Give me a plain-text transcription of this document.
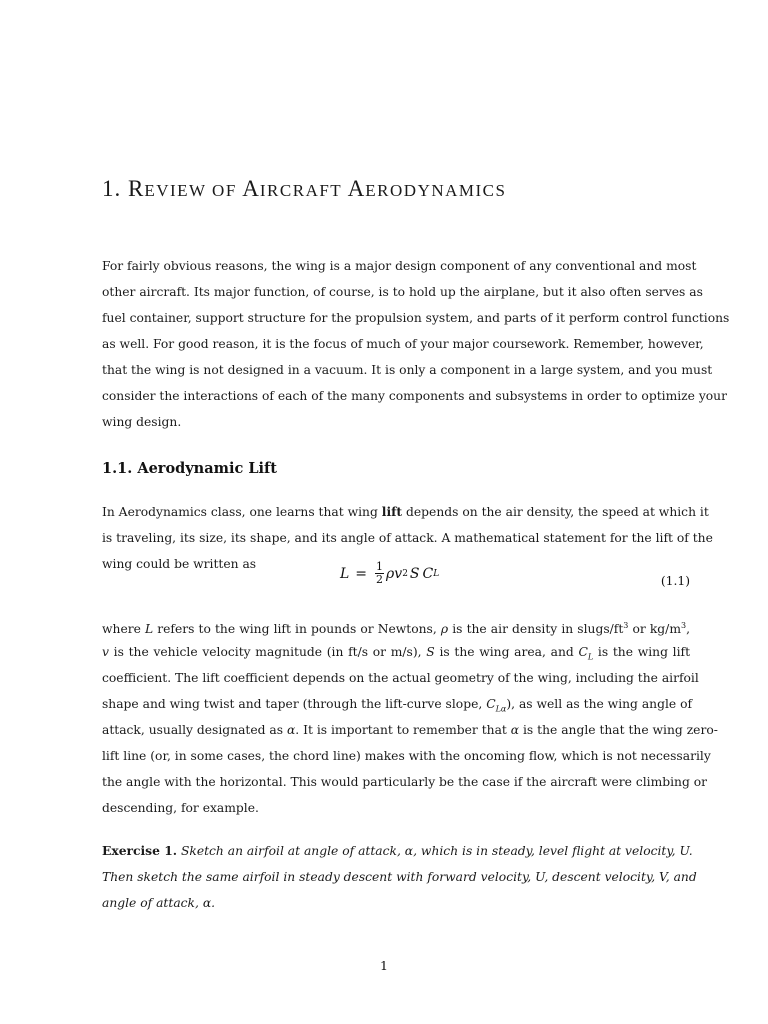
1. REVIEW OF AIRCRAFT AERODYNAMICS
For fairly obvious reasons, the wing is a major design component of any conventional and most
other aircraft. Its major function, of course, is to hold up the airplane, but it also often serves as
fuel container, support structure for the propulsion system, and parts of it perform control functions
as well. For good reason, it is the focus of much of your major coursework. Remember, however,
that the wing is not designed in a vacuum. It is only a component in a large system, and you must
consider the interactions of each of the many components and subsystems in order to optimize your
wing design.
1.1. Aerodynamic Lift
In Aerodynamics class, one learns that wing lift depends on the air density, the speed at which it
is traveling, its size, its shape, and its angle of attack. A mathematical statement for the lift of the
wing could be written as
$L = \frac{1}{2}$ ρ v 2 S C L
(1.1)
where L refers to the wing lift in pounds or Newtons, ρ is the air density in slugs/$ft^3$ or $kg/m^3$,
v is the vehicle velocity magnitude (in ft/s or m/s), S is the wing area, and $C_L$ is the wing lift
coefficient. The lift coefficient depends on the actual geometry of the wing, including the airfoil
shape and wing twist and taper (through the lift-curve slope, $C_{L\alpha}$), as well as the wing angle of
attack, usually designated as α. It is important to remember that α is the angle that the wing zero-
lift line (or, in some cases, the chord line) makes with the oncoming flow, which is not necessarily
the angle with the horizontal. This would particularly be the case if the aircraft were climbing or
descending, for example.
Exercise 1. Sketch an airfoil at angle of attack, α, which is in steady, level flight at velocity, U.
Then sketch the same airfoil in steady descent with forward velocity, U, descent velocity, V, and
angle of attack, α.
1
